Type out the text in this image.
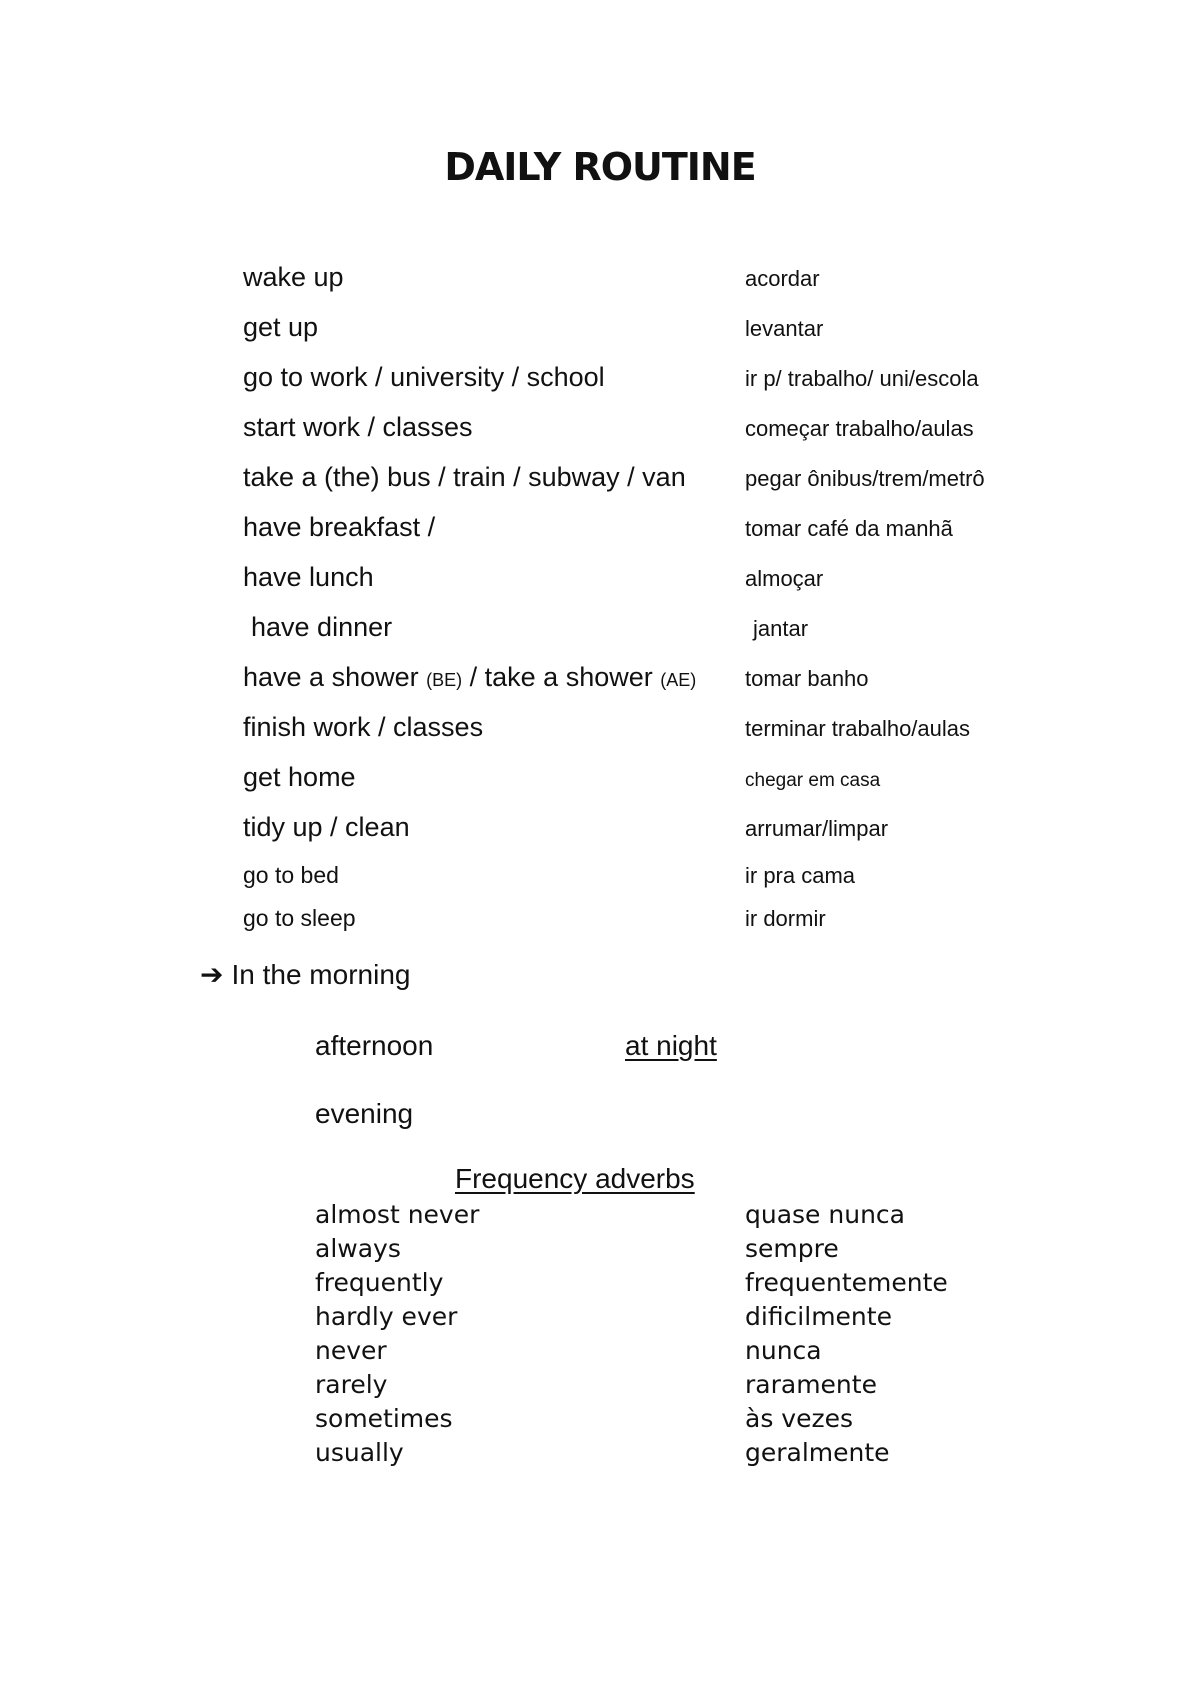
DAILY ROUTINE
wake up	acordar
get up	levantar
go to work / university / school	ir p/ trabalho/ uni/escola
start work / classes	começar trabalho/aulas
take a (the) bus / train / subway / van	pegar ônibus/trem/metrô
have breakfast /	tomar café da manhã
have lunch	almoçar
have dinner	jantar
have a shower (BE) / take a shower (AE)	tomar banho
finish work / classes	terminar trabalho/aulas
get home	chegar em casa
tidy up / clean	arrumar/limpar
go to bed	ir pra cama
go to sleep	ir dormir
➔ In the morning
afternoon	at night
evening
Frequency adverbs
almost never	quase nunca
always	sempre
frequently	frequentemente
hardly ever	dificilmente
never	nunca
rarely	raramente
sometimes	às vezes
usually	geralmente
